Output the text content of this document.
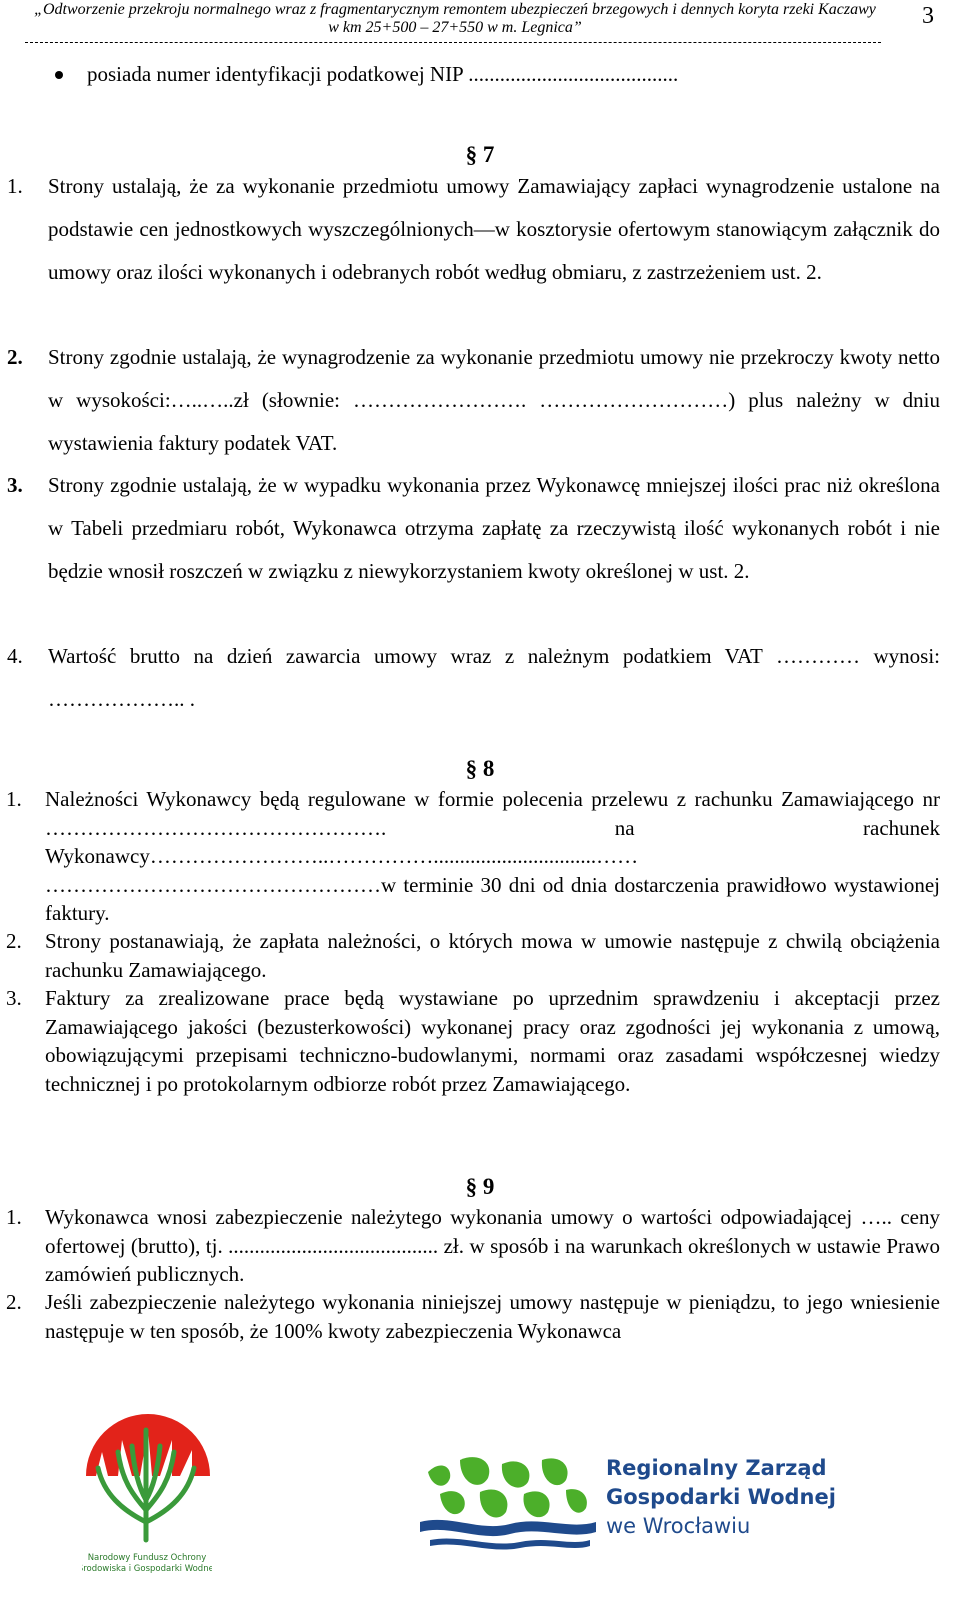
„Odtworzenie przekroju normalnego wraz z fragmentarycznym remontem ubezpieczeń brzegowych i dennych koryta rzeki Kaczawy
w km 25+500 – 27+550 w m. Legnica”	3
posiada numer identyfikacji podatkowej NIP ........................................
§ 7
1. Strony ustalają, że za wykonanie przedmiotu umowy Zamawiający zapłaci wynagrodzenie ustalone na podstawie cen jednostkowych wyszczególnionych—w kosztorysie ofertowym stanowiącym załącznik do umowy oraz ilości wykonanych i odebranych robót według obmiaru, z zastrzeżeniem ust. 2.
2. Strony zgodnie ustalają, że wynagrodzenie za wykonanie przedmiotu umowy nie przekroczy kwoty netto w wysokości:…..…..zł (słownie: ……………………. ………………………) plus należny w dniu wystawienia faktury podatek VAT.
3. Strony zgodnie ustalają, że w wypadku wykonania przez Wykonawcę mniejszej ilości prac niż określona w Tabeli przedmiaru robót, Wykonawca otrzyma zapłatę za rzeczywistą ilość wykonanych robót i nie będzie wnosił roszczeń w związku z niewykorzystaniem kwoty określonej w ust. 2.
4. Wartość brutto na dzień zawarcia umowy wraz z należnym podatkiem VAT ………… wynosi: ……………….. .
§ 8
1. Należności Wykonawcy będą regulowane w formie polecenia przelewu z rachunku Zamawiającego nr …………………………………………. na rachunek Wykonawcy……………………..……………...............................…… …………………………………………w terminie 30 dni od dnia dostarczenia prawidłowo wystawionej faktury.
2. Strony postanawiają, że zapłata należności, o których mowa w umowie następuje z chwilą obciążenia rachunku Zamawiającego.
3. Faktury za zrealizowane prace będą wystawiane po uprzednim sprawdzeniu i akceptacji przez Zamawiającego jakości (bezusterkowości) wykonanej pracy oraz zgodności jej wykonania z umową, obowiązującymi przepisami techniczno-budowlanymi, normami oraz zasadami współczesnej wiedzy technicznej i po protokolarnym odbiorze robót przez Zamawiającego.
§ 9
1. Wykonawca wnosi zabezpieczenie należytego wykonania umowy o wartości odpowiadającej ….. ceny ofertowej (brutto), tj. ........................................ zł. w sposób i na warunkach określonych w ustawie Prawo zamówień publicznych.
2. Jeśli zabezpieczenie należytego wykonania niniejszej umowy następuje w pieniądzu, to jego wniesienie następuje w ten sposób, że 100% kwoty zabezpieczenia Wykonawca
Narodowy Fundusz Ochrony
Środowiska i Gospodarki Wodnej
Regionalny Zarząd
Gospodarki Wodnej
we Wrocławiu
